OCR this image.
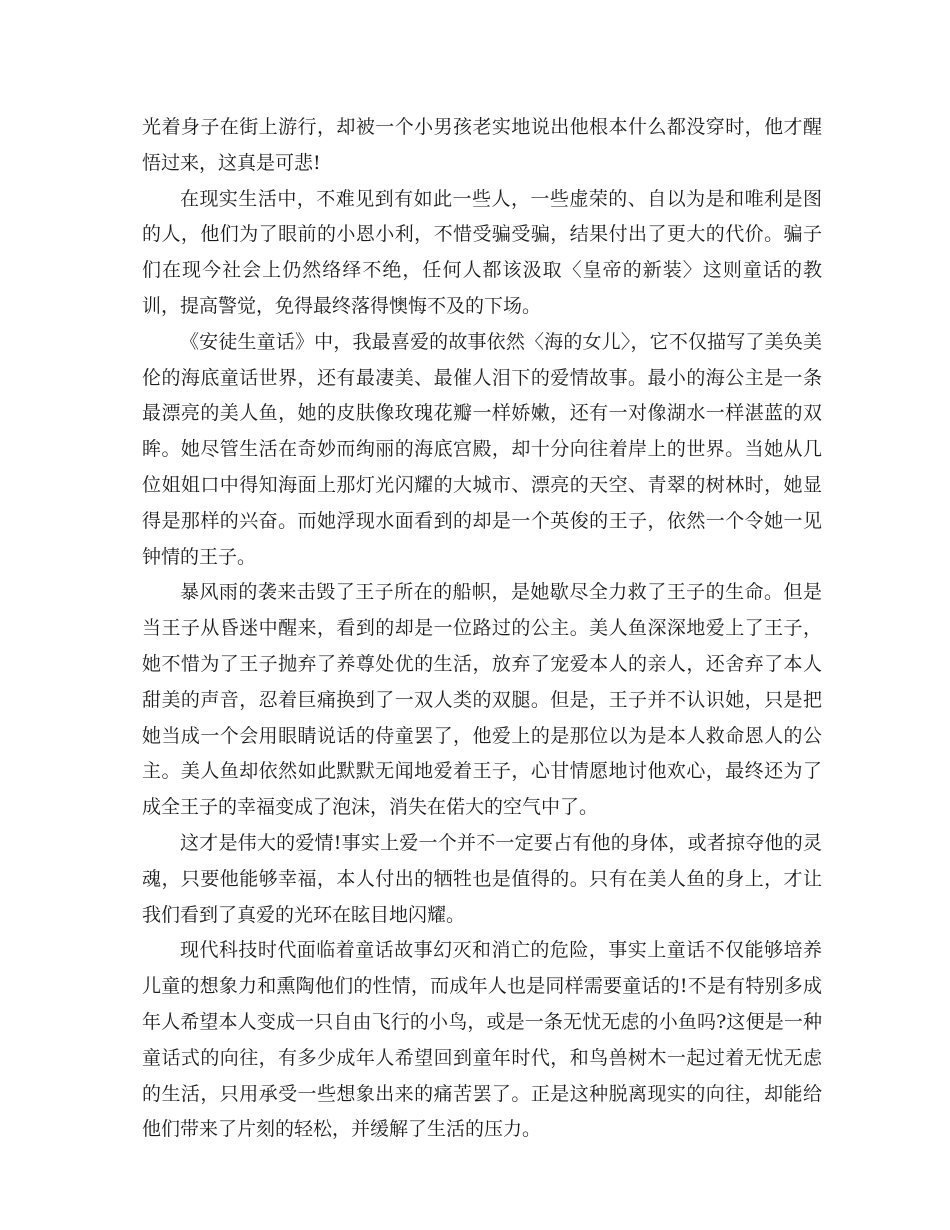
光着身子在街上游行，却被一个小男孩老实地说出他根本什么都没穿时，他才醒悟过来，这真是可悲!

在现实生活中，不难见到有如此一些人，一些虚荣的、自以为是和唯利是图的人，他们为了眼前的小恩小利，不惜受骗受骗，结果付出了更大的代价。骗子们在现今社会上仍然络绎不绝，任何人都该汲取〈皇帝的新装〉这则童话的教训，提高警觉，免得最终落得懊悔不及的下场。

《安徒生童话》中，我最喜爱的故事依然〈海的女儿〉，它不仅描写了美奂美伦的海底童话世界，还有最凄美、最催人泪下的爱情故事。最小的海公主是一条最漂亮的美人鱼，她的皮肤像玫瑰花瓣一样娇嫩，还有一对像湖水一样湛蓝的双眸。她尽管生活在奇妙而绚丽的海底宫殿，却十分向往着岸上的世界。当她从几位姐姐口中得知海面上那灯光闪耀的大城市、漂亮的天空、青翠的树林时，她显得是那样的兴奋。而她浮现水面看到的却是一个英俊的王子，依然一个令她一见钟情的王子。

暴风雨的袭来击毁了王子所在的船帜，是她歇尽全力救了王子的生命。但是当王子从昏迷中醒来，看到的却是一位路过的公主。美人鱼深深地爱上了王子，她不惜为了王子抛弃了养尊处优的生活，放弃了宠爱本人的亲人，还舍弃了本人甜美的声音，忍着巨痛换到了一双人类的双腿。但是，王子并不认识她，只是把她当成一个会用眼睛说话的侍童罢了，他爱上的是那位以为是本人救命恩人的公主。美人鱼却依然如此默默无闻地爱着王子，心甘情愿地讨他欢心，最终还为了成全王子的幸福变成了泡沫，消失在偌大的空气中了。

这才是伟大的爱情!事实上爱一个并不一定要占有他的身体，或者掠夺他的灵魂，只要他能够幸福，本人付出的牺牲也是值得的。只有在美人鱼的身上，才让我们看到了真爱的光环在眩目地闪耀。

现代科技时代面临着童话故事幻灭和消亡的危险，事实上童话不仅能够培养儿童的想象力和熏陶他们的性情，而成年人也是同样需要童话的!不是有特别多成年人希望本人变成一只自由飞行的小鸟，或是一条无忧无虑的小鱼吗?这便是一种童话式的向往，有多少成年人希望回到童年时代，和鸟兽树木一起过着无忧无虑的生活，只用承受一些想象出来的痛苦罢了。正是这种脱离现实的向往，却能给他们带来了片刻的轻松，并缓解了生活的压力。
